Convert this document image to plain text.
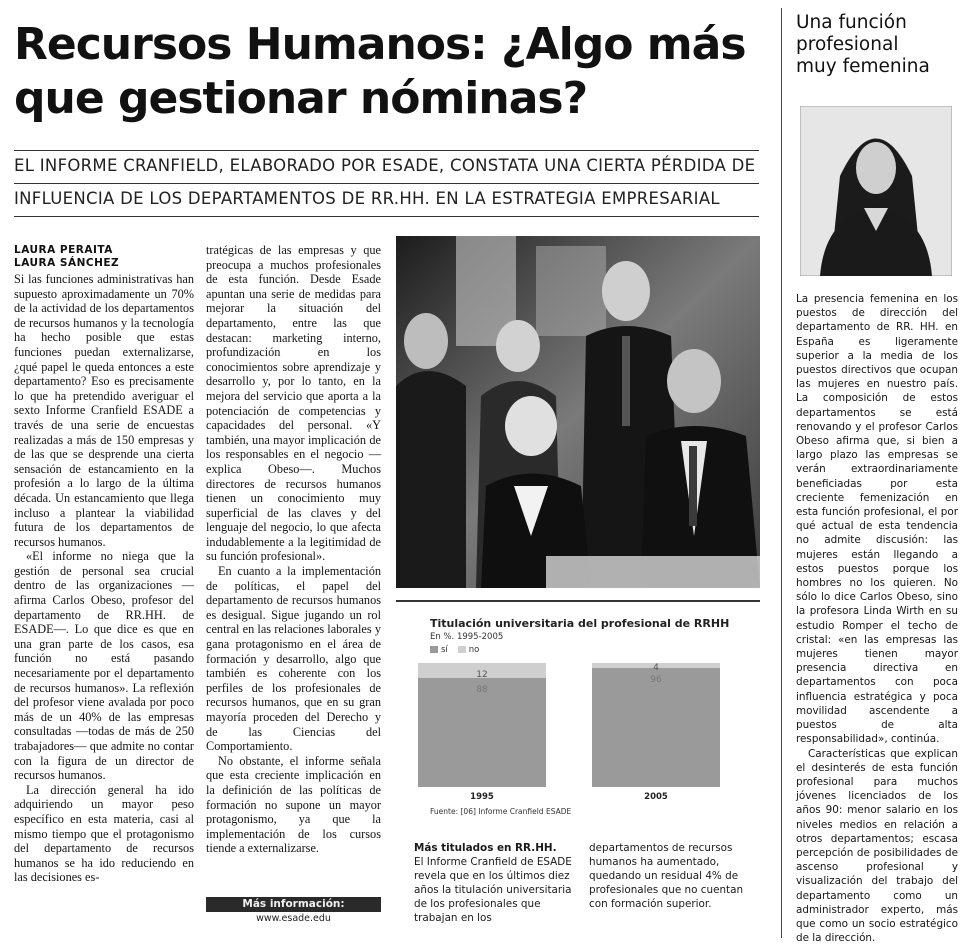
Recursos Humanos: ¿Algo más
que gestionar nóminas?
EL INFORME CRANFIELD, ELABORADO POR ESADE, CONSTATA UNA CIERTA PÉRDIDA DE
INFLUENCIA DE LOS DEPARTAMENTOS DE RR.HH. EN LA ESTRATEGIA EMPRESARIAL
LAURA PERAITA
LAURA SÁNCHEZ

Si las funciones administrativas han supuesto aproximadamente un 70% de la actividad de los departamentos de recursos humanos y la tecnología ha hecho posible que estas funciones puedan externalizarse, ¿qué papel le queda entonces a este departamento? Eso es precisamente lo que ha pretendido averiguar el sexto Informe Cranfield ESADE a través de una serie de encuestas realizadas a más de 150 empresas y de las que se desprende una cierta sensación de estancamiento en la profesión a lo largo de la última década. Un estancamiento que llega incluso a plantear la viabilidad futura de los departamentos de recursos humanos.

«El informe no niega que la gestión de personal sea crucial dentro de las organizaciones —afirma Carlos Obeso, profesor del departamento de RR.HH. de ESADE—. Lo que dice es que en una gran parte de los casos, esa función no está pasando necesariamente por el departamento de recursos humanos». La reflexión del profesor viene avalada por poco más de un 40% de las empresas consultadas —todas de más de 250 trabajadores— que admite no contar con la figura de un director de recursos humanos.

La dirección general ha ido adquiriendo un mayor peso específico en esta materia, casi al mismo tiempo que el protagonismo del departamento de recursos humanos se ha ido reduciendo en las decisiones es-

tratégicas de las empresas y que preocupa a muchos profesionales de esta función. Desde Esade apuntan una serie de medidas para mejorar la situación del departamento, entre las que destacan: marketing interno, profundización en los conocimientos sobre aprendizaje y desarrollo y, por lo tanto, en la mejora del servicio que aporta a la potenciación de competencias y capacidades del personal. «Y también, una mayor implicación de los responsables en el negocio —explica Obeso—. Muchos directores de recursos humanos tienen un conocimiento muy superficial de las claves y del lenguaje del negocio, lo que afecta indudablemente a la legitimidad de su función profesional».

En cuanto a la implementación de políticas, el papel del departamento de recursos humanos es desigual. Sigue jugando un rol central en las relaciones laborales y gana protagonismo en el área de formación y desarrollo, algo que también es coherente con los perfiles de los profesionales de recursos humanos, que en su gran mayoría proceden del Derecho y de las Ciencias del Comportamiento.

No obstante, el informe señala que esta creciente implicación en la definición de las políticas de formación no supone un mayor protagonismo, ya que la implementación de los cursos tiende a externalizarse.

Más información:
www.esade.edu
Titulación universitaria del profesional de RRHH
En %. 1995-2005
sí	no
12
88
1995
4
96
2005
Fuente: [06] Informe Cranfield ESADE
Más titulados en RR.HH.
El Informe Cranfield de ESADE revela que en los últimos diez años la titulación universitaria de los profesionales que trabajan en los
departamentos de recursos humanos ha aumentado, quedando un residual 4% de profesionales que no cuentan con formación superior.
Una función
profesional
muy femenina

La presencia femenina en los puestos de dirección del departamento de RR. HH. en España es ligeramente superior a la media de los puestos directivos que ocupan las mujeres en nuestro país. La composición de estos departamentos se está renovando y el profesor Carlos Obeso afirma que, si bien a largo plazo las empresas se verán extraordinariamente beneficiadas por esta creciente femenización en esta función profesional, el por qué actual de esta tendencia no admite discusión: las mujeres están llegando a estos puestos porque los hombres no los quieren. No sólo lo dice Carlos Obeso, sino la profesora Linda Wirth en su estudio Romper el techo de cristal: «en las empresas las mujeres tienen mayor presencia directiva en departamentos con poca influencia estratégica y poca movilidad ascendente a puestos de alta responsabilidad», continúa.

Características que explican el desinterés de esta función profesional para muchos jóvenes licenciados de los años 90: menor salario en los niveles medios en relación a otros departamentos; escasa percepción de posibilidades de ascenso profesional y visualización del trabajo del departamento como un administrador experto, más que como un socio estratégico de la dirección.
